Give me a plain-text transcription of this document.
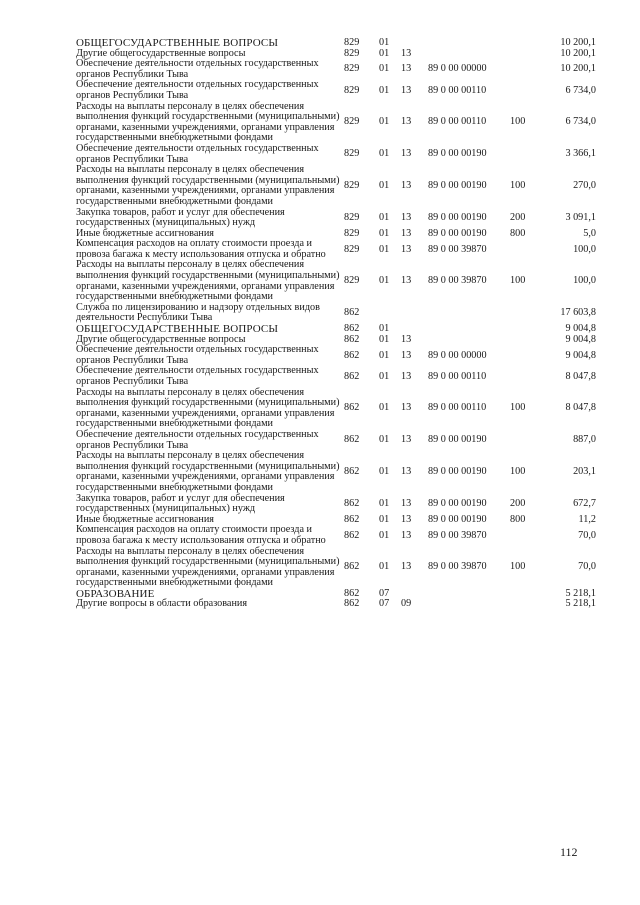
ОБЩЕГОСУДАРСТВЕННЫЕ ВОПРОСЫ	829	01				10 200,1
Другие общегосударственные вопросы	829	01	13			10 200,1
Обеспечение деятельности отдельных государственных органов Республики Тыва	829	01	13	89 0 00 00000		10 200,1
Обеспечение деятельности отдельных государственных органов Республики Тыва	829	01	13	89 0 00 00110		6 734,0
Расходы на выплаты персоналу в целях обеспечения выполнения функций государственными (муниципальными) органами, казенными учреждениями, органами управления государственными внебюджетными фондами	829	01	13	89 0 00 00110	100	6 734,0
Обеспечение деятельности отдельных государственных органов Республики Тыва	829	01	13	89 0 00 00190		3 366,1
Расходы на выплаты персоналу в целях обеспечения выполнения функций государственными (муниципальными) органами, казенными учреждениями, органами управления государственными внебюджетными фондами	829	01	13	89 0 00 00190	100	270,0
Закупка товаров, работ и услуг для обеспечения государственных (муниципальных) нужд	829	01	13	89 0 00 00190	200	3 091,1
Иные бюджетные ассигнования	829	01	13	89 0 00 00190	800	5,0
Компенсация расходов на оплату стоимости проезда и провоза багажа к месту использования отпуска и обратно	829	01	13	89 0 00 39870		100,0
Расходы на выплаты персоналу в целях обеспечения выполнения функций государственными (муниципальными) органами, казенными учреждениями, органами управления государственными внебюджетными фондами	829	01	13	89 0 00 39870	100	100,0
Служба по лицензированию и надзору отдельных видов деятельности Республики Тыва	862					17 603,8
ОБЩЕГОСУДАРСТВЕННЫЕ ВОПРОСЫ	862	01				9 004,8
Другие общегосударственные вопросы	862	01	13			9 004,8
Обеспечение деятельности отдельных государственных органов Республики Тыва	862	01	13	89 0 00 00000		9 004,8
Обеспечение деятельности отдельных государственных органов Республики Тыва	862	01	13	89 0 00 00110		8 047,8
Расходы на выплаты персоналу в целях обеспечения выполнения функций государственными (муниципальными) органами, казенными учреждениями, органами управления государственными внебюджетными фондами	862	01	13	89 0 00 00110	100	8 047,8
Обеспечение деятельности отдельных государственных органов Республики Тыва	862	01	13	89 0 00 00190		887,0
Расходы на выплаты персоналу в целях обеспечения выполнения функций государственными (муниципальными) органами, казенными учреждениями, органами управления государственными внебюджетными фондами	862	01	13	89 0 00 00190	100	203,1
Закупка товаров, работ и услуг для обеспечения государственных (муниципальных) нужд	862	01	13	89 0 00 00190	200	672,7
Иные бюджетные ассигнования	862	01	13	89 0 00 00190	800	11,2
Компенсация расходов на оплату стоимости проезда и провоза багажа к месту использования отпуска и обратно	862	01	13	89 0 00 39870		70,0
Расходы на выплаты персоналу в целях обеспечения выполнения функций государственными (муниципальными) органами, казенными учреждениями, органами управления государственными внебюджетными фондами	862	01	13	89 0 00 39870	100	70,0
ОБРАЗОВАНИЕ	862	07				5 218,1
Другие вопросы в области образования	862	07	09			5 218,1
112
